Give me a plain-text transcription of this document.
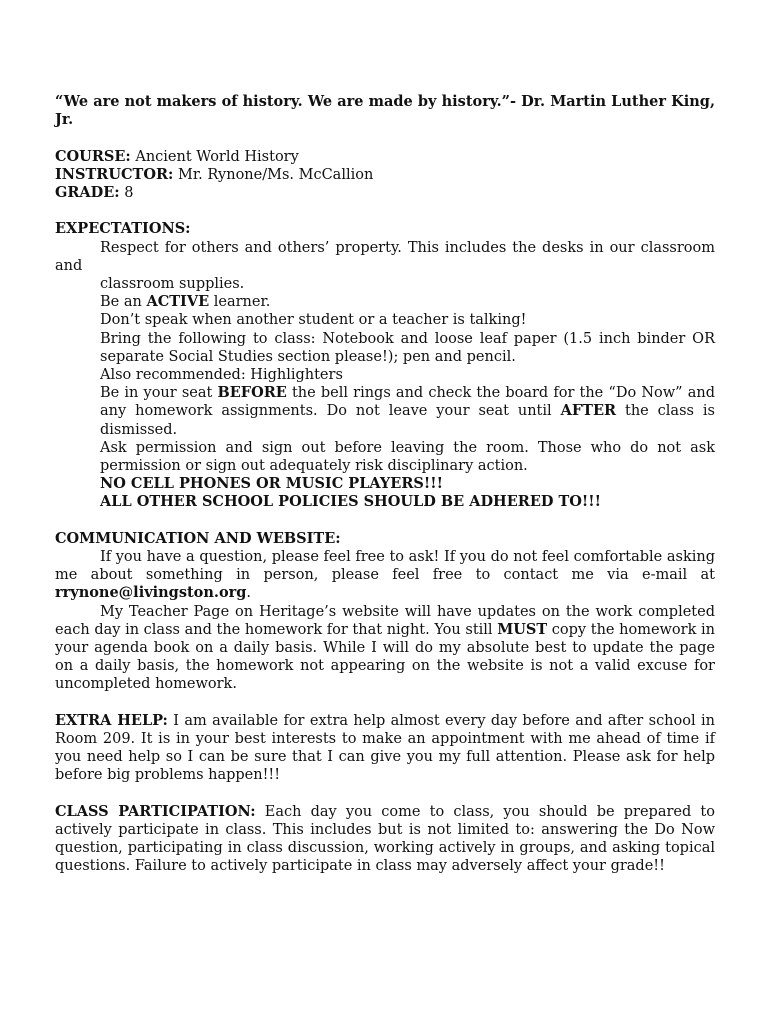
“We are not makers of history. We are made by history.”- Dr. Martin Luther King, Jr.

COURSE: Ancient World History

INSTRUCTOR: Mr. Rynone/Ms. McCallion

GRADE: 8

EXPECTATIONS:

Respect for others and others’ property. This includes the desks in our classroom and

classroom supplies.

Be an ACTIVE learner.

Don’t speak when another student or a teacher is talking!

Bring the following to class: Notebook and loose leaf paper (1.5 inch binder OR separate Social Studies section please!); pen and pencil.

Also recommended: Highlighters

Be in your seat BEFORE the bell rings and check the board for the “Do Now” and any homework assignments. Do not leave your seat until AFTER the class is dismissed.

Ask permission and sign out before leaving the room. Those who do not ask permission or sign out adequately risk disciplinary action.

NO CELL PHONES OR MUSIC PLAYERS!!!

ALL OTHER SCHOOL POLICIES SHOULD BE ADHERED TO!!!

COMMUNICATION AND WEBSITE:

If you have a question, please feel free to ask! If you do not feel comfortable asking me about something in person, please feel free to contact me via e-mail at rrynone@livingston.org.

My Teacher Page on Heritage’s website will have updates on the work completed each day in class and the homework for that night. You still MUST copy the homework in your agenda book on a daily basis. While I will do my absolute best to update the page on a daily basis, the homework not appearing on the website is not a valid excuse for uncompleted homework.

EXTRA HELP: I am available for extra help almost every day before and after school in Room 209. It is in your best interests to make an appointment with me ahead of time if you need help so I can be sure that I can give you my full attention. Please ask for help before big problems happen!!!

CLASS PARTICIPATION: Each day you come to class, you should be prepared to actively participate in class. This includes but is not limited to: answering the Do Now question, participating in class discussion, working actively in groups, and asking topical questions. Failure to actively participate in class may adversely affect your grade!!
